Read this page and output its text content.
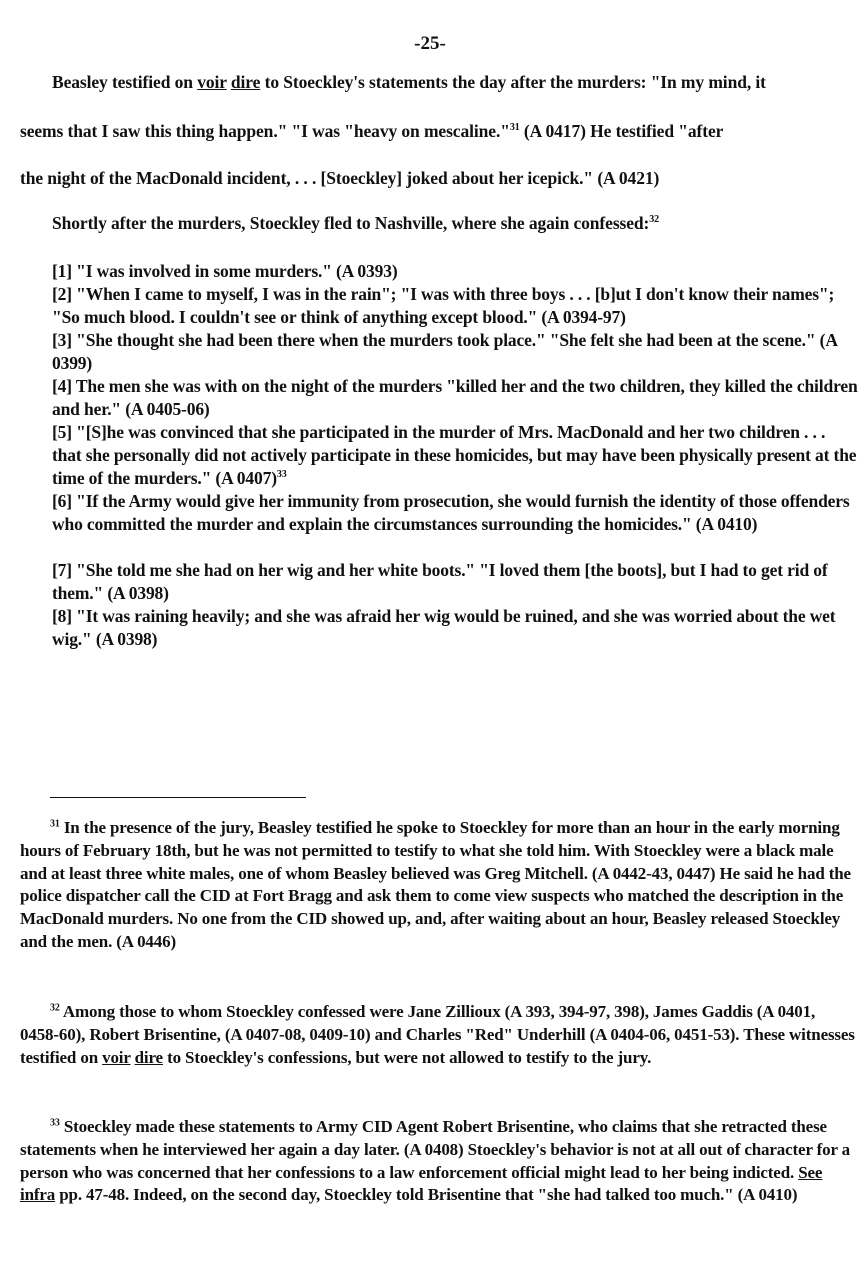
-25-
Beasley testified on voir dire to Stoeckley's statements the day after the murders: "In my mind, it
seems that I saw this thing happen." "I was "heavy on mescaline."$^{31}$ (A 0417) He testified "after
the night of the MacDonald incident, . . . [Stoeckley] joked about her icepick." (A 0421)
Shortly after the murders, Stoeckley fled to Nashville, where she again confessed:$^{32}$
[1] "I was involved in some murders." (A 0393)
[2] "When I came to myself, I was in the rain"; "I was with three boys . . . [b]ut I don't know their names"; "So much blood. I couldn't see or think of anything except blood." (A 0394-97)
[3] "She thought she had been there when the murders took place." "She felt she had been at the scene." (A 0399)
[4] The men she was with on the night of the murders "killed her and the two children, they killed the children and her." (A 0405-06)
[5] "[S]he was convinced that she participated in the murder of Mrs. MacDonald and her two children . . . that she personally did not actively participate in these homicides, but may have been physically present at the time of the murders." (A 0407)$^{33}$
[6] "If the Army would give her immunity from prosecution, she would furnish the identity of those offenders who committed the murder and explain the circumstances surrounding the homicides." (A 0410)
[7] "She told me she had on her wig and her white boots." "I loved them [the boots], but I had to get rid of them." (A 0398)
[8] "It was raining heavily; and she was afraid her wig would be ruined, and she was worried about the wet wig." (A 0398)
$^{31}$ In the presence of the jury, Beasley testified he spoke to Stoeckley for more than an hour in the early morning hours of February 18th, but he was not permitted to testify to what she told him. With Stoeckley were a black male and at least three white males, one of whom Beasley believed was Greg Mitchell. (A 0442-43, 0447) He said he had the police dispatcher call the CID at Fort Bragg and ask them to come view suspects who matched the description in the MacDonald murders. No one from the CID showed up, and, after waiting about an hour, Beasley released Stoeckley and the men. (A 0446)
$^{32}$ Among those to whom Stoeckley confessed were Jane Zillioux (A 393, 394-97, 398), James Gaddis (A 0401, 0458-60), Robert Brisentine, (A 0407-08, 0409-10) and Charles "Red" Underhill (A 0404-06, 0451-53). These witnesses testified on voir dire to Stoeckley's confessions, but were not allowed to testify to the jury.
$^{33}$ Stoeckley made these statements to Army CID Agent Robert Brisentine, who claims that she retracted these statements when he interviewed her again a day later. (A 0408) Stoeckley's behavior is not at all out of character for a person who was concerned that her confessions to a law enforcement official might lead to her being indicted. See infra pp. 47-48. Indeed, on the second day, Stoeckley told Brisentine that "she had talked too much." (A 0410)
